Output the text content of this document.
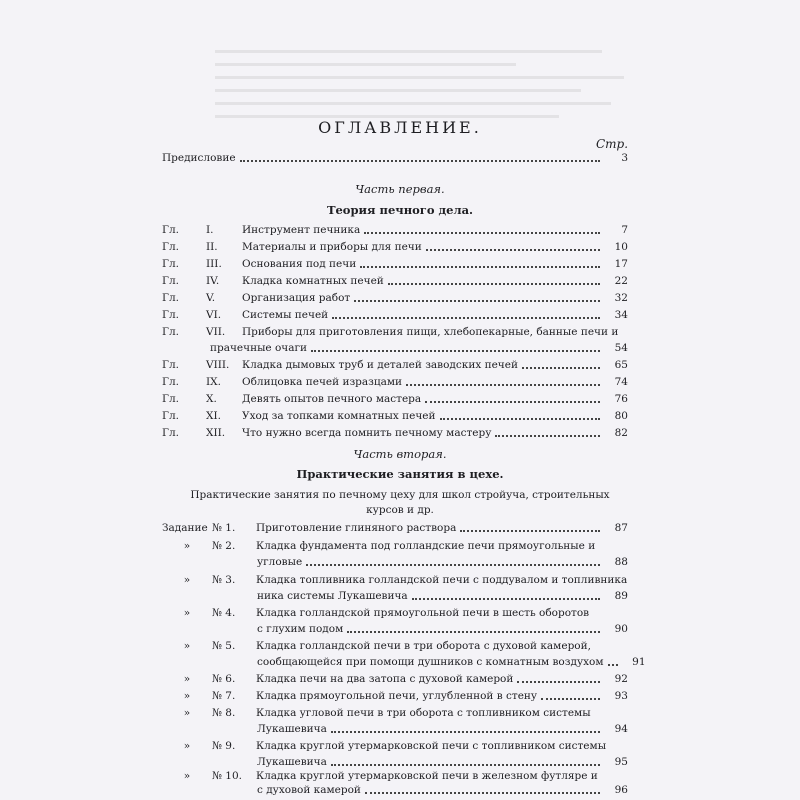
ОГЛАВЛЕНИЕ.
Стр.
Предисловие	3
Часть первая.
Теория печного дела.
Гл.	I.	Инструмент печника	7
Гл.	II.	Материалы и приборы для печи	10
Гл.	III.	Основания под печи	17
Гл.	IV.	Кладка комнатных печей	22
Гл.	V.	Организация работ	32
Гл.	VI.	Системы печей	34
Гл.	VII.	Приборы для приготовления пищи, хлебопекарные, банные печи и
прачечные очаги	54
Гл.	VIII.	Кладка дымовых труб и деталей заводских печей	65
Гл.	IX.	Облицовка печей изразцами	74
Гл.	X.	Девять опытов печного мастера	76
Гл.	XI.	Уход за топками комнатных печей	80
Гл.	XII.	Что нужно всегда помнить печному мастеру	82
Часть вторая.
Практические занятия в цехе.
Практические занятия по печному цеху для школ стройуча, строительных
курсов и др.
Задание № 1.	Приготовление глиняного раствора	87
»	№ 2.	Кладка фундамента под голландские печи прямоугольные и
угловые	88
»	№ 3.	Кладка топливника голландской печи с поддувалом и топливника
ника системы Лукашевича	89
»	№ 4.	Кладка голландской прямоугольной печи в шесть оборотов
с глухим подом	90
»	№ 5.	Кладка голландской печи в три оборота с духовой камерой,
сообщающейся при помощи душников с комнатным воздухом	91
»	№ 6.	Кладка печи на два затопа с духовой камерой	92
»	№ 7.	Кладка прямоугольной печи, углубленной в стену	93
»	№ 8.	Кладка угловой печи в три оборота с топливником системы
Лукашевича	94
»	№ 9.	Кладка круглой утермарковской печи с топливником системы
Лукашевича	95
»	№ 10.	Кладка круглой утермарковской печи в железном футляре и
с духовой камерой	96
